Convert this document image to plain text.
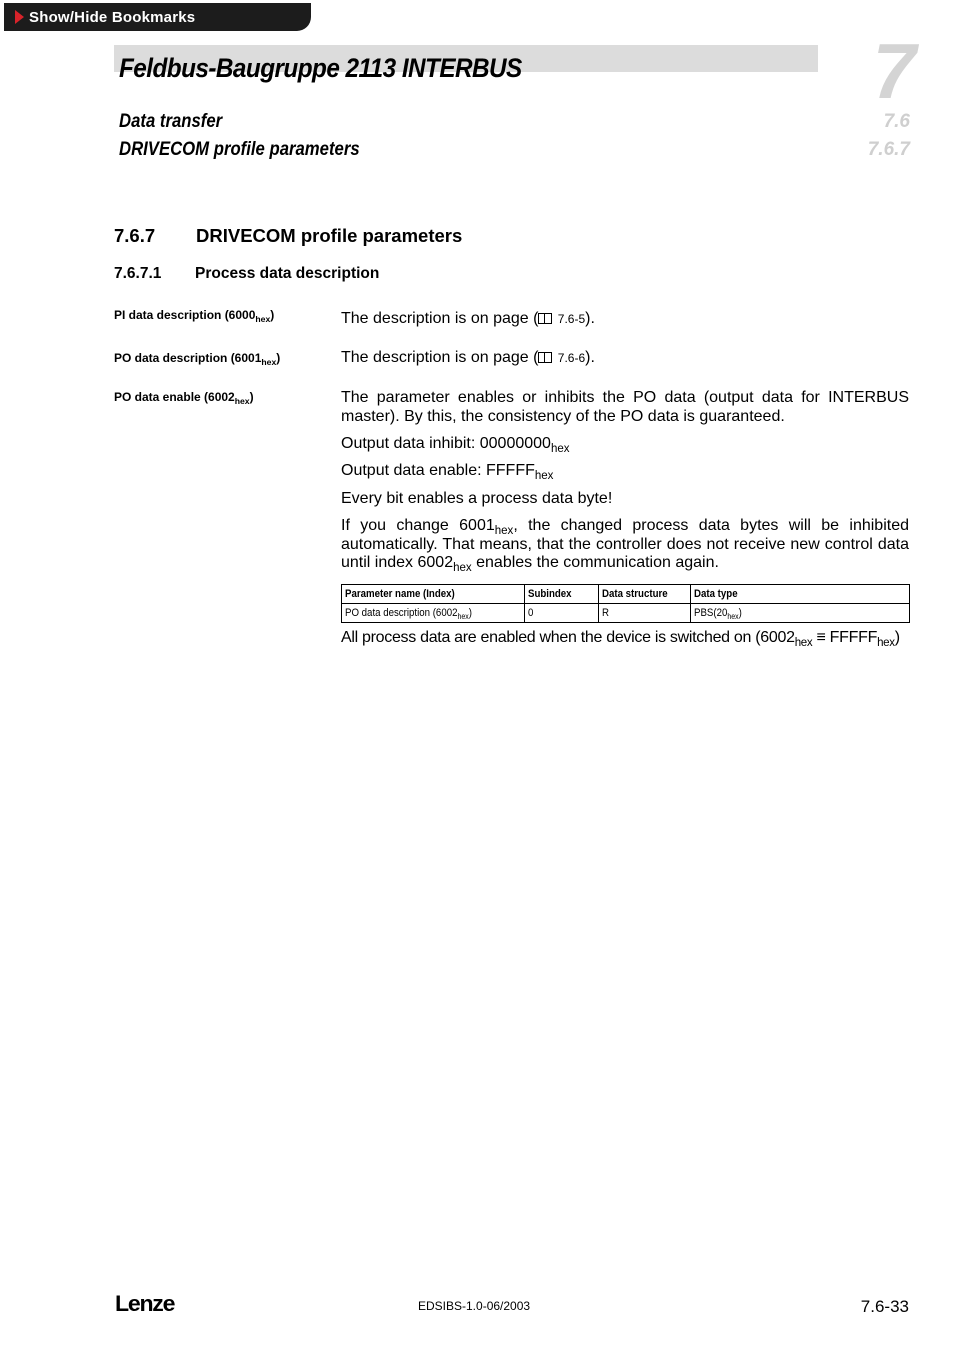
Show/Hide Bookmarks
Feldbus-Baugruppe 2113 INTERBUS	7
Data transfer
DRIVECOM profile parameters
7.6
7.6.7
7.6.7 DRIVECOM profile parameters
7.6.7.1 Process data description
PI data description $(6000_{hex})$	The description is on page ( 7.6-5).

PO data description $(6001_{hex})$	The description is on page ( 7.6-6).

PO data enable $(6002_{hex})$	The parameter enables or inhibits the PO data (output data for INTERBUS master). By this, the consistency of the PO data is guaranteed.

Output data inhibit: $00000000_{hex}$

Output data enable: $FFFFF_{hex}$

Every bit enables a process data byte!

If you change $6001_{hex}$, the changed process data bytes will be inhibited automatically. That means, that the controller does not receive new control data until index $6002_{hex}$ enables the communication again.

Parameter name (Index)	Subindex	Data structure	Data type
PO data description $(6002_{hex})$	0	R	$PBS(20_{hex})$

All process data are enabled when the device is switched on ($6002_{hex}$ ≡ $FFFFF_{hex}$)

Lenze	EDSIBS-1.0-06/2003	7.6-33
